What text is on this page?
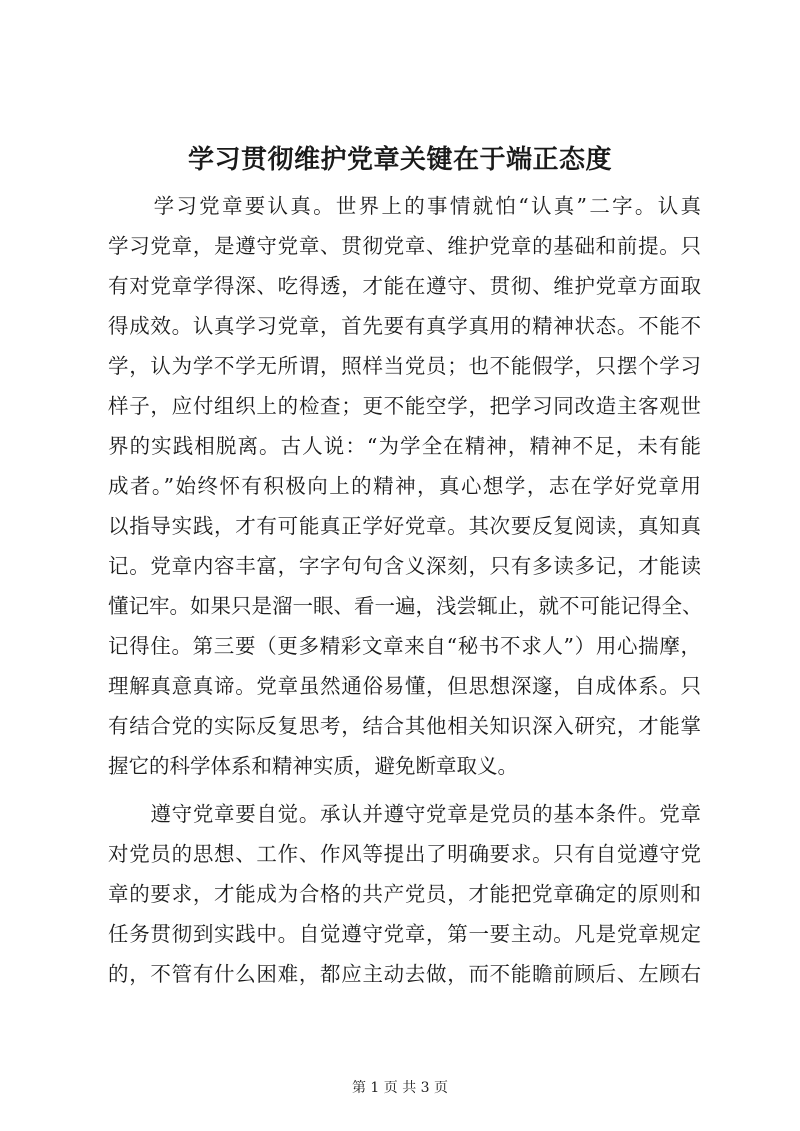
学习贯彻维护党章关键在于端正态度
　　学习党章要认真。世界上的事情就怕“认真”二字。认真
学习党章，是遵守党章、贯彻党章、维护党章的基础和前提。只
有对党章学得深、吃得透，才能在遵守、贯彻、维护党章方面取
得成效。认真学习党章，首先要有真学真用的精神状态。不能不
学，认为学不学无所谓，照样当党员；也不能假学，只摆个学习
样子，应付组织上的检查；更不能空学，把学习同改造主客观世
界的实践相脱离。古人说：“为学全在精神，精神不足，未有能
成者。”始终怀有积极向上的精神，真心想学，志在学好党章用
以指导实践，才有可能真正学好党章。其次要反复阅读，真知真
记。党章内容丰富，字字句句含义深刻，只有多读多记，才能读
懂记牢。如果只是溜一眼、看一遍，浅尝辄止，就不可能记得全、
记得住。第三要（更多精彩文章来自“秘书不求人”）用心揣摩，
理解真意真谛。党章虽然通俗易懂，但思想深邃，自成体系。只
有结合党的实际反复思考，结合其他相关知识深入研究，才能掌
握它的科学体系和精神实质，避免断章取义。
　　遵守党章要自觉。承认并遵守党章是党员的基本条件。党章
对党员的思想、工作、作风等提出了明确要求。只有自觉遵守党
章的要求，才能成为合格的共产党员，才能把党章确定的原则和
任务贯彻到实践中。自觉遵守党章，第一要主动。凡是党章规定
的，不管有什么困难，都应主动去做，而不能瞻前顾后、左顾右
第 1 页 共 3 页
